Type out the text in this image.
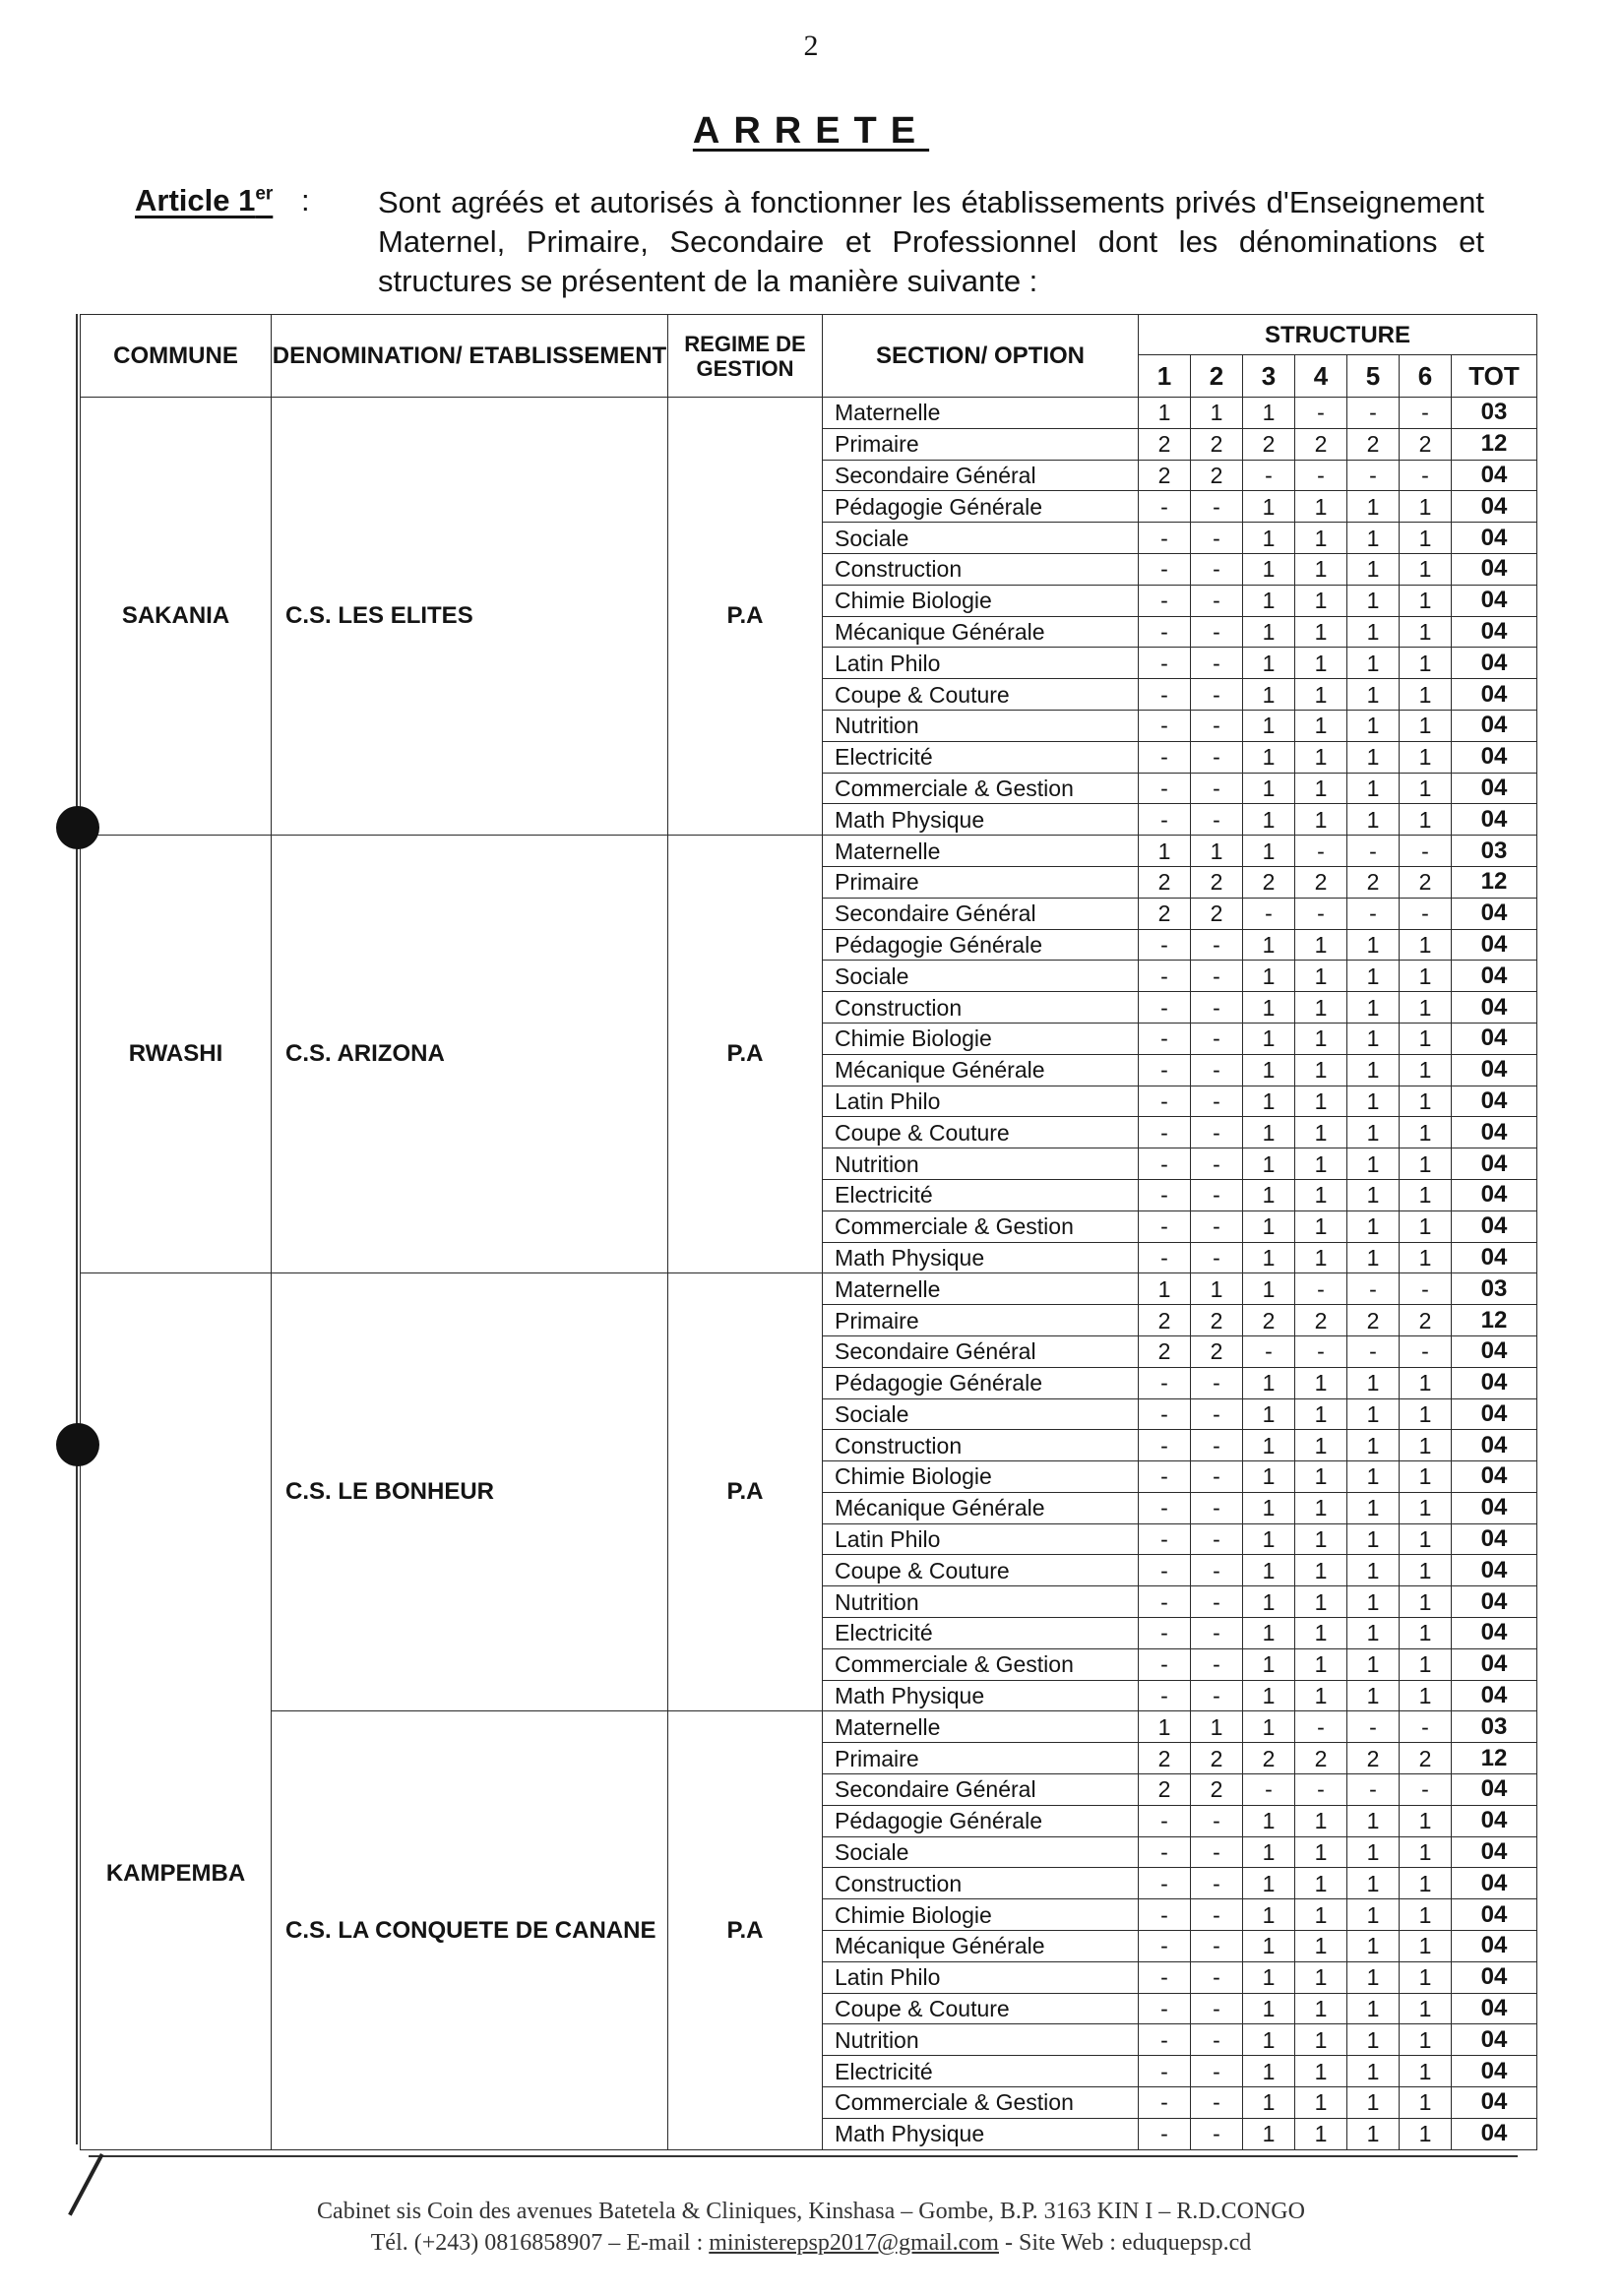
2
ARRETE
Article 1er : Sont agréés et autorisés à fonctionner les établissements privés d'Enseignement Maternel, Primaire, Secondaire et Professionnel dont les dénominations et structures se présentent de la manière suivante :
COMMUNE	DENOMINATION/ ETABLISSEMENT	REGIME DE GESTION	SECTION/ OPTION	STRUCTURE						
				1	2	3	4	5	6	TOT
SAKANIA	C.S. LES ELITES	P.A	Maternelle	1	1	1	-	-	-	03
			Primaire	2	2	2	2	2	2	12
			Secondaire Général	2	2	-	-	-	-	04
			Pédagogie Générale	-	-	1	1	1	1	04
			Sociale	-	-	1	1	1	1	04
			Construction	-	-	1	1	1	1	04
			Chimie Biologie	-	-	1	1	1	1	04
			Mécanique Générale	-	-	1	1	1	1	04
			Latin Philo	-	-	1	1	1	1	04
			Coupe & Couture	-	-	1	1	1	1	04
			Nutrition	-	-	1	1	1	1	04
			Electricité	-	-	1	1	1	1	04
			Commerciale & Gestion	-	-	1	1	1	1	04
			Math Physique	-	-	1	1	1	1	04
RWASHI	C.S. ARIZONA	P.A	Maternelle	1	1	1	-	-	-	03
			Primaire	2	2	2	2	2	2	12
			Secondaire Général	2	2	-	-	-	-	04
			Pédagogie Générale	-	-	1	1	1	1	04
			Sociale	-	-	1	1	1	1	04
			Construction	-	-	1	1	1	1	04
			Chimie Biologie	-	-	1	1	1	1	04
			Mécanique Générale	-	-	1	1	1	1	04
			Latin Philo	-	-	1	1	1	1	04
			Coupe & Couture	-	-	1	1	1	1	04
			Nutrition	-	-	1	1	1	1	04
			Electricité	-	-	1	1	1	1	04
			Commerciale & Gestion	-	-	1	1	1	1	04
			Math Physique	-	-	1	1	1	1	04
KAMPEMBA	C.S. LE BONHEUR	P.A	Maternelle	1	1	1	-	-	-	03
			Primaire	2	2	2	2	2	2	12
			Secondaire Général	2	2	-	-	-	-	04
			Pédagogie Générale	-	-	1	1	1	1	04
			Sociale	-	-	1	1	1	1	04
			Construction	-	-	1	1	1	1	04
			Chimie Biologie	-	-	1	1	1	1	04
			Mécanique Générale	-	-	1	1	1	1	04
			Latin Philo	-	-	1	1	1	1	04
			Coupe & Couture	-	-	1	1	1	1	04
			Nutrition	-	-	1	1	1	1	04
			Electricité	-	-	1	1	1	1	04
			Commerciale & Gestion	-	-	1	1	1	1	04
			Math Physique	-	-	1	1	1	1	04
	C.S. LA CONQUETE DE CANANE	P.A	Maternelle	1	1	1	-	-	-	03
			Primaire	2	2	2	2	2	2	12
			Secondaire Général	2	2	-	-	-	-	04
			Pédagogie Générale	-	-	1	1	1	1	04
			Sociale	-	-	1	1	1	1	04
			Construction	-	-	1	1	1	1	04
			Chimie Biologie	-	-	1	1	1	1	04
			Mécanique Générale	-	-	1	1	1	1	04
			Latin Philo	-	-	1	1	1	1	04
			Coupe & Couture	-	-	1	1	1	1	04
			Nutrition	-	-	1	1	1	1	04
			Electricité	-	-	1	1	1	1	04
			Commerciale & Gestion	-	-	1	1	1	1	04
			Math Physique	-	-	1	1	1	1	04
Cabinet sis Coin des avenues Batetela & Cliniques, Kinshasa – Gombe, B.P. 3163 KIN I – R.D.CONGO
Tél. (+243) 0816858907 – E-mail : ministerepsp2017@gmail.com - Site Web : eduquepsp.cd
